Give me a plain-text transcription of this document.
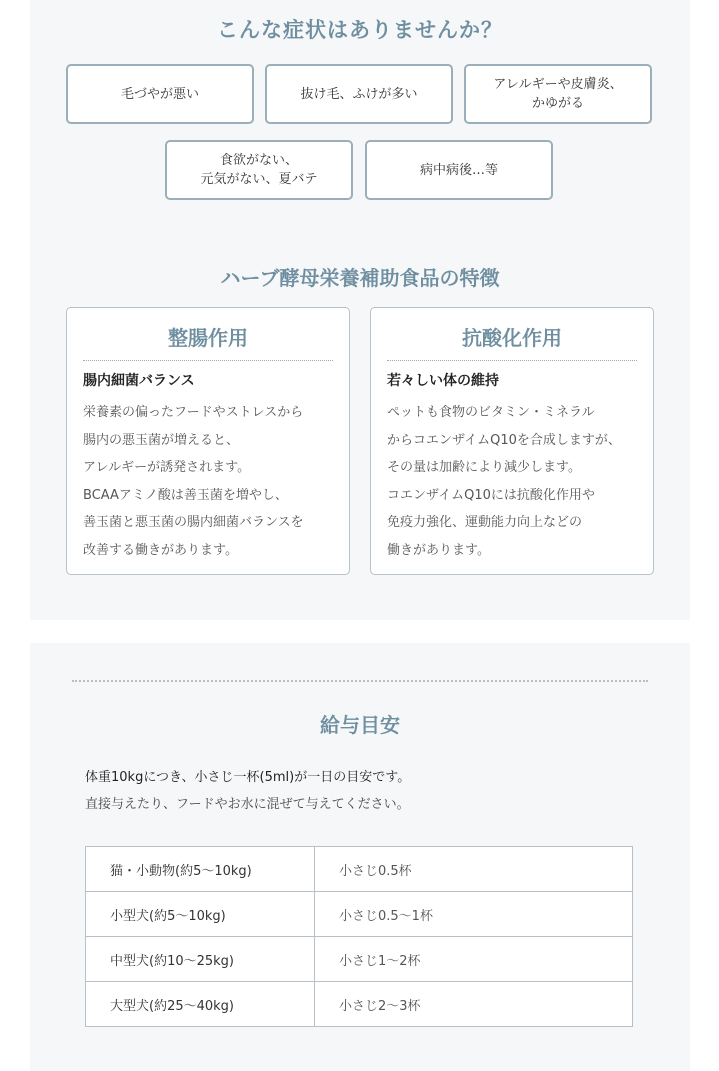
こんな症状はありませんか？
毛づやが悪い	抜け毛、ふけが多い
アレルギーや皮膚炎、
かゆがる
食欲がない、
元気がない、夏バテ
病中病後…等
ハーブ酵母栄養補助食品の特徴
整腸作用
腸内細菌バランス
栄養素の偏ったフードやストレスから
腸内の悪玉菌が増えると、
アレルギーが誘発されます。
BCAAアミノ酸は善玉菌を増やし、
善玉菌と悪玉菌の腸内細菌バランスを
改善する働きがあります。
抗酸化作用
若々しい体の維持
ペットも食物のビタミン・ミネラル
からコエンザイムQ10を合成しますが、
その量は加齢により減少します。
コエンザイムQ10には抗酸化作用や
免疫力強化、運動能力向上などの
働きがあります。
給与目安
体重10kgにつき、小さじ一杯(5ml)が一日の目安です。
直接与えたり、フードやお水に混ぜて与えてください。
猫・小動物(約5〜10kg)	小さじ0.5杯
小型犬(約5〜10kg)	小さじ0.5〜1杯
中型犬(約10〜25kg)	小さじ1〜2杯
大型犬(約25〜40kg)	小さじ2〜3杯
